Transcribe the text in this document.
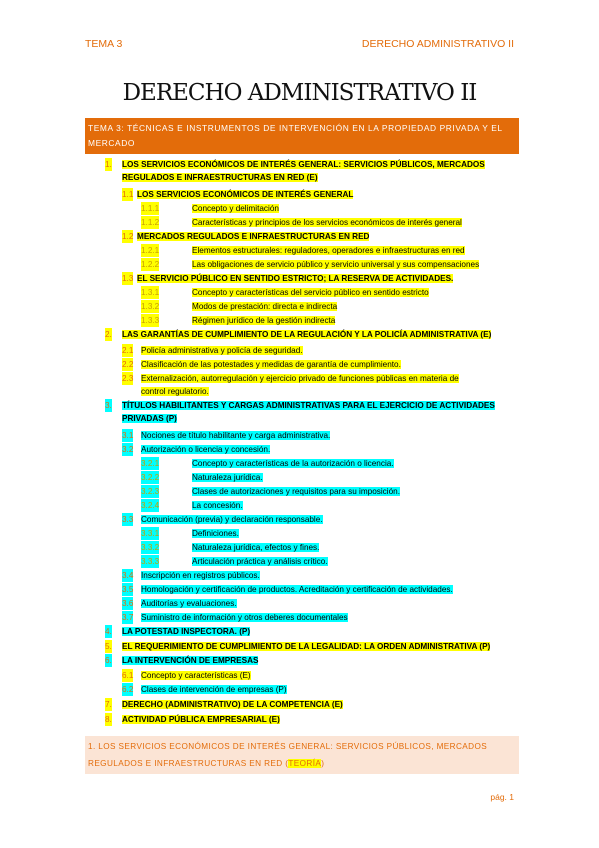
TEMA 3	DERECHO ADMINISTRATIVO II
DERECHO ADMINISTRATIVO II
TEMA 3: TÉCNICAS E INSTRUMENTOS DE INTERVENCIÓN EN LA PROPIEDAD PRIVADA Y EL MERCADO
1. LOS SERVICIOS ECONÓMICOS DE INTERÉS GENERAL: SERVICIOS PÚBLICOS, MERCADOS
REGULADOS E INFRAESTRUCTURAS EN RED (E)
1.1 LOS SERVICIOS ECONÓMICOS DE INTERÉS GENERAL
1.1.1	Concepto y delimitación
1.1.2	Características y principios de los servicios económicos de interés general
1.2 MERCADOS REGULADOS E INFRAESTRUCTURAS EN RED
1.2.1	Elementos estructurales: reguladores, operadores e infraestructuras en red
1.2.2	Las obligaciones de servicio público y servicio universal y sus compensaciones
1.3 EL SERVICIO PÚBLICO EN SENTIDO ESTRICTO; LA RESERVA DE ACTIVIDADES.
1.3.1	Concepto y características del servicio público en sentido estricto
1.3.2	Modos de prestación: directa e indirecta
1.3.3	Régimen jurídico de la gestión indirecta
2. LAS GARANTÍAS DE CUMPLIMIENTO DE LA REGULACIÓN Y LA POLICÍA ADMINISTRATIVA (E)
2.1 Policía administrativa y policía de seguridad.
2.2 Clasificación de las potestades y medidas de garantía de cumplimiento.
2.3 Externalización, autorregulación y ejercicio privado de funciones públicas en materia de
control regulatorio.
3. TÍTULOS HABILITANTES Y CARGAS ADMINISTRATIVAS PARA EL EJERCICIO DE ACTIVIDADES
PRIVADAS (P)
3.1 Nociones de título habilitante y carga administrativa.
3.2 Autorización o licencia y concesión.
3.2.1	Concepto y características de la autorización o licencia.
3.2.2	Naturaleza jurídica.
3.2.3	Clases de autorizaciones y requisitos para su imposición.
3.2.4	La concesión.
3.3 Comunicación (previa) y declaración responsable.
3.3.1	Definiciones.
3.3.2	Naturaleza jurídica, efectos y fines.
3.3.3	Articulación práctica y análisis crítico.
3.4 Inscripción en registros públicos.
3.5 Homologación y certificación de productos. Acreditación y certificación de actividades.
3.6 Auditorías y evaluaciones.
3.7 Suministro de información y otros deberes documentales
4. LA POTESTAD INSPECTORA. (P)
5. EL REQUERIMIENTO DE CUMPLIMIENTO DE LA LEGALIDAD: LA ORDEN ADMINISTRATIVA (P)
6. LA INTERVENCIÓN DE EMPRESAS
6.1 Concepto y características (E)
6.2 Clases de intervención de empresas (P)
7. DERECHO (ADMINISTRATIVO) DE LA COMPETENCIA (E)
8. ACTIVIDAD PÚBLICA EMPRESARIAL (E)
1. LOS SERVICIOS ECONÓMICOS DE INTERÉS GENERAL: SERVICIOS PÚBLICOS, MERCADOS REGULADOS E INFRAESTRUCTURAS EN RED (TEORÍA)
pág. 1
